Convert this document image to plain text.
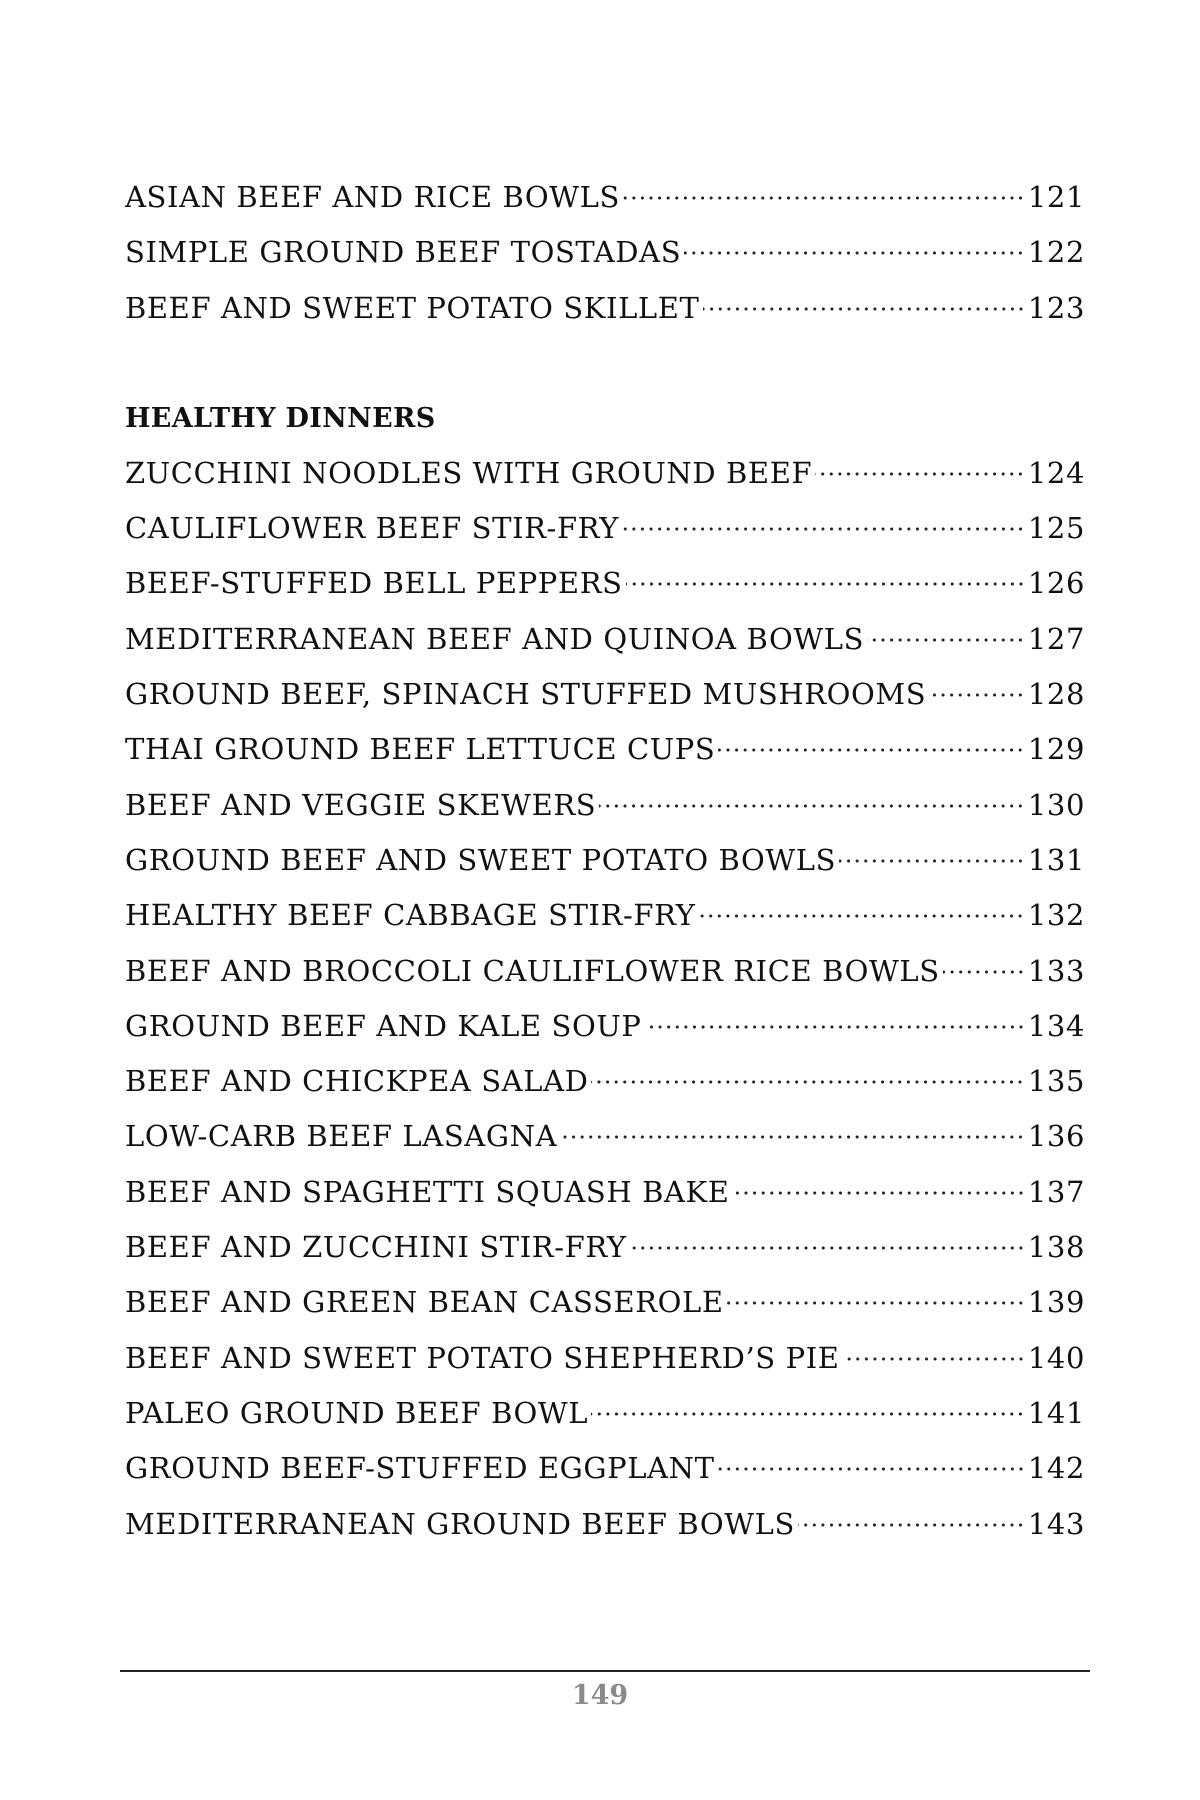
ASIAN BEEF AND RICE BOWLS	121
SIMPLE GROUND BEEF TOSTADAS	122
BEEF AND SWEET POTATO SKILLET	123
HEALTHY DINNERS
ZUCCHINI NOODLES WITH GROUND BEEF	124
CAULIFLOWER BEEF STIR-FRY	125
BEEF-STUFFED BELL PEPPERS	126
MEDITERRANEAN BEEF AND QUINOA BOWLS	127
GROUND BEEF, SPINACH STUFFED MUSHROOMS	128
THAI GROUND BEEF LETTUCE CUPS	129
BEEF AND VEGGIE SKEWERS	130
GROUND BEEF AND SWEET POTATO BOWLS	131
HEALTHY BEEF CABBAGE STIR-FRY	132
BEEF AND BROCCOLI CAULIFLOWER RICE BOWLS	133
GROUND BEEF AND KALE SOUP	134
BEEF AND CHICKPEA SALAD	135
LOW-CARB BEEF LASAGNA	136
BEEF AND SPAGHETTI SQUASH BAKE	137
BEEF AND ZUCCHINI STIR-FRY	138
BEEF AND GREEN BEAN CASSEROLE	139
BEEF AND SWEET POTATO SHEPHERD’S PIE	140
PALEO GROUND BEEF BOWL	141
GROUND BEEF-STUFFED EGGPLANT	142
MEDITERRANEAN GROUND BEEF BOWLS	143
149
